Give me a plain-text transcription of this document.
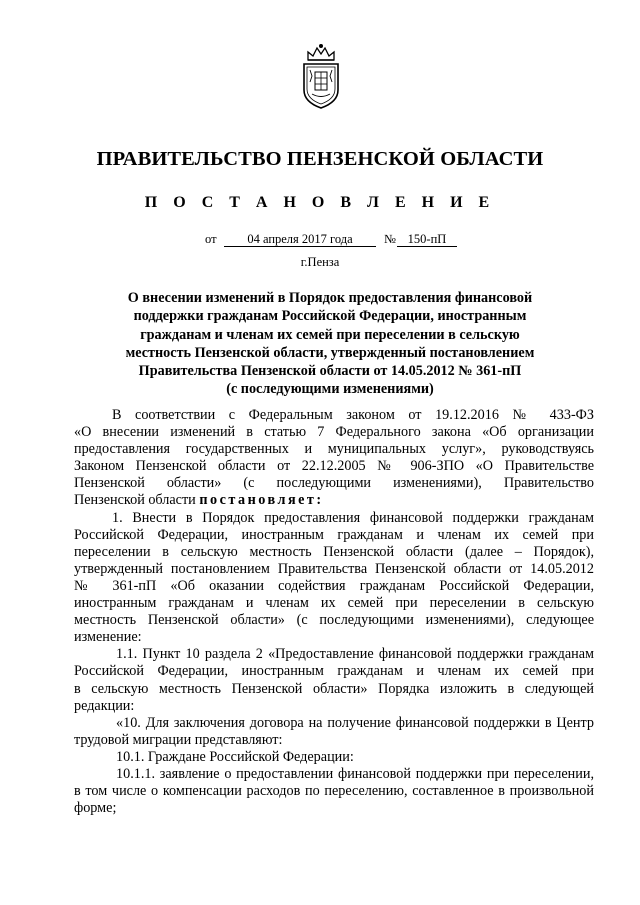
ПРАВИТЕЛЬСТВО ПЕНЗЕНСКОЙ ОБЛАСТИ
П О С Т А Н О В Л Е Н И Е
от	04 апреля 2017 года	№ 150-пП
г.Пенза
О внесении изменений в Порядок предоставления финансовой
поддержки гражданам Российской Федерации, иностранным
гражданам и членам их семей при переселении в сельскую
местность Пензенской области, утвержденный постановлением
Правительства Пензенской области от 14.05.2012 № 361-пП
(с последующими изменениями)
В соответствии с Федеральным законом от 19.12.2016 № 433-ФЗ
«О внесении изменений в статью 7 Федерального закона «Об организации
предоставления государственных и муниципальных услуг», руководствуясь
Законом Пензенской области от 22.12.2005 № 906-ЗПО «О Правительстве
Пензенской области» (с последующими изменениями), Правительство
Пензенской области постановляет:
1. Внести в Порядок предоставления финансовой поддержки гражданам
Российской Федерации, иностранным гражданам и членам их семей при
переселении в сельскую местность Пензенской области (далее – Порядок),
утвержденный постановлением Правительства Пензенской области от 14.05.2012
№ 361-пП «Об оказании содействия гражданам Российской Федерации,
иностранным гражданам и членам их семей при переселении в сельскую
местность Пензенской области» (с последующими изменениями), следующее
изменение:
1.1. Пункт 10 раздела 2 «Предоставление финансовой поддержки гражданам
Российской Федерации, иностранным гражданам и членам их семей при
в сельскую местность Пензенской области» Порядка изложить в следующей
редакции:
«10. Для заключения договора на получение финансовой поддержки в Центр
трудовой миграции представляют:
10.1. Граждане Российской Федерации:
10.1.1. заявление о предоставлении финансовой поддержки при переселении,
в том числе о компенсации расходов по переселению, составленное в произвольной
форме;
